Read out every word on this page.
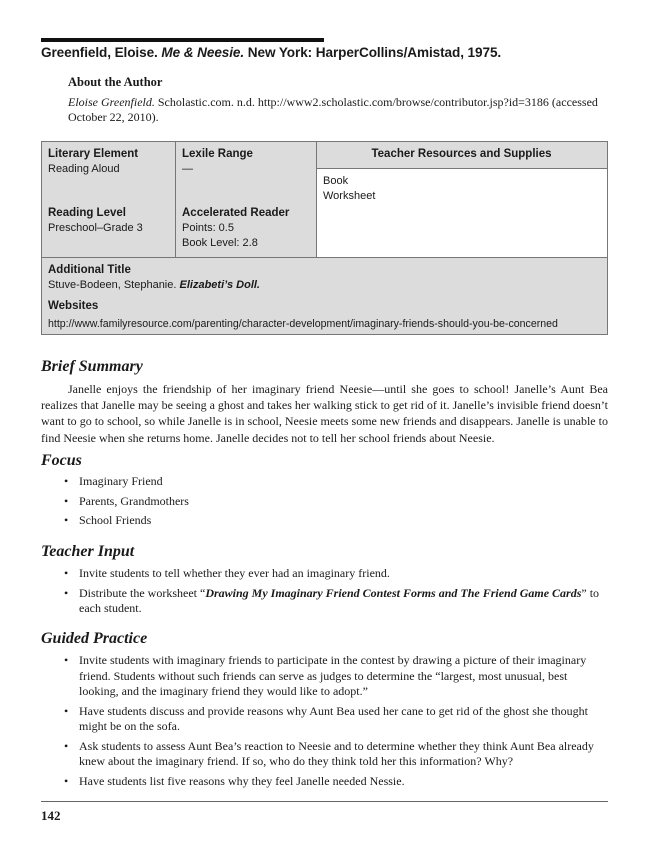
Greenfield, Eloise. Me & Neesie. New York: HarperCollins/Amistad, 1975.
About the Author
Eloise Greenfield. Scholastic.com. n.d. http://www2.scholastic.com/browse/contributor.jsp?id=3186 (accessed October 22, 2010).
Literary Element
Reading Aloud
Lexile Range
—
Teacher Resources and Supplies
Book
Worksheet
Reading Level
Preschool–Grade 3
Accelerated Reader
Points: 0.5
Book Level: 2.8
Additional Title
Stuve-Bodeen, Stephanie. Elizabeti’s Doll.
Websites
http://www.familyresource.com/parenting/character-development/imaginary-friends-should-you-be-concerned
Brief Summary
Janelle enjoys the friendship of her imaginary friend Neesie—until she goes to school! Janelle’s Aunt Bea realizes that Janelle may be seeing a ghost and takes her walking stick to get rid of it. Janelle’s invisible friend doesn’t want to go to school, so while Janelle is in school, Neesie meets some new friends and disappears. Janelle is unable to find Neesie when she returns home. Janelle decides not to tell her school friends about Neesie.
Focus
• Imaginary Friend
• Parents, Grandmothers
• School Friends
Teacher Input
• Invite students to tell whether they ever had an imaginary friend.
• Distribute the worksheet “Drawing My Imaginary Friend Contest Forms and The Friend Game Cards” to each student.
Guided Practice
• Invite students with imaginary friends to participate in the contest by drawing a picture of their imaginary friend. Students without such friends can serve as judges to determine the “largest, most unusual, best looking, and the imaginary friend they would like to adopt.”
• Have students discuss and provide reasons why Aunt Bea used her cane to get rid of the ghost she thought might be on the sofa.
• Ask students to assess Aunt Bea’s reaction to Neesie and to determine whether they think Aunt Bea already knew about the imaginary friend. If so, who do they think told her this information? Why?
• Have students list five reasons why they feel Janelle needed Nessie.
142
